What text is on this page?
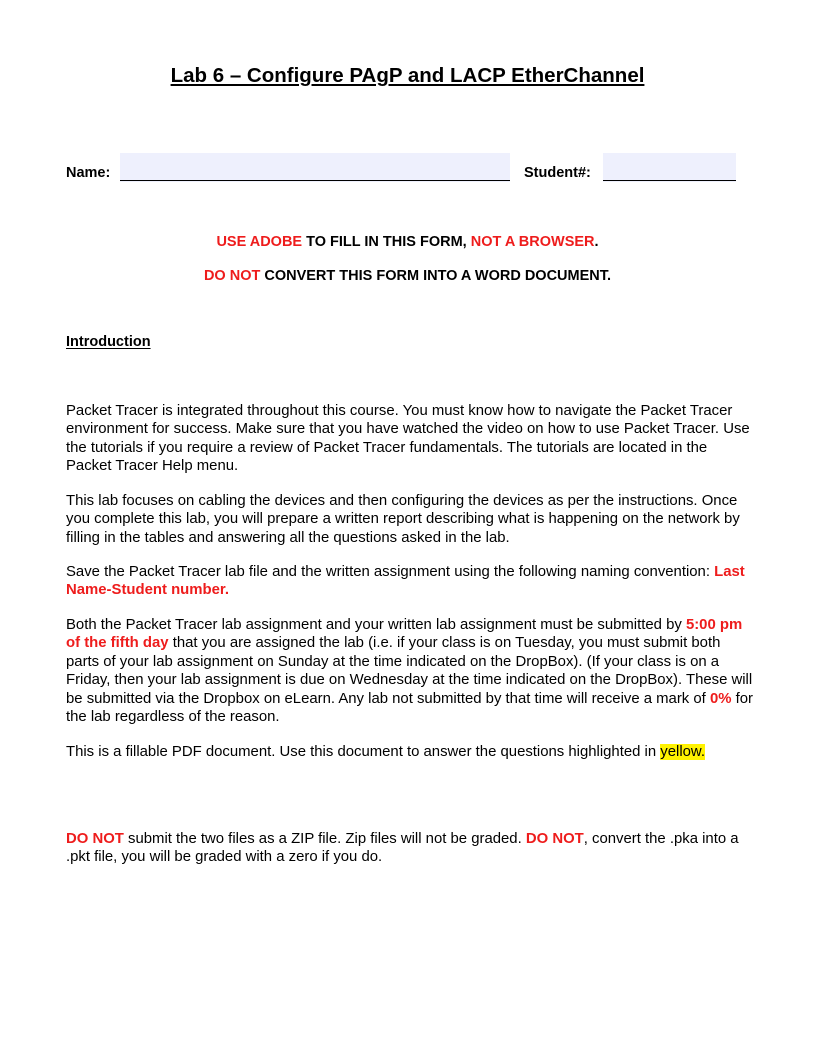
Lab 6 – Configure PAgP and LACP EtherChannel
Name:	Student#:
USE ADOBE TO FILL IN THIS FORM, NOT A BROWSER.
DO NOT CONVERT THIS FORM INTO A WORD DOCUMENT.
Introduction

Packet Tracer is integrated throughout this course. You must know how to navigate the Packet Tracer environment for success. Make sure that you have watched the video on how to use Packet Tracer. Use the tutorials if you require a review of Packet Tracer fundamentals. The tutorials are located in the Packet Tracer Help menu.

This lab focuses on cabling the devices and then configuring the devices as per the instructions. Once you complete this lab, you will prepare a written report describing what is happening on the network by filling in the tables and answering all the questions asked in the lab.

Save the Packet Tracer lab file and the written assignment using the following naming convention: Last Name-Student number.

Both the Packet Tracer lab assignment and your written lab assignment must be submitted by 5:00 pm of the fifth day that you are assigned the lab (i.e. if your class is on Tuesday, you must submit both parts of your lab assignment on Sunday at the time indicated on the DropBox). (If your class is on a Friday, then your lab assignment is due on Wednesday at the time indicated on the DropBox). These will be submitted via the Dropbox on eLearn. Any lab not submitted by that time will receive a mark of 0% for the lab regardless of the reason.

This is a fillable PDF document. Use this document to answer the questions highlighted in yellow.

DO NOT submit the two files as a ZIP file. Zip files will not be graded. DO NOT, convert the .pka into a .pkt file, you will be graded with a zero if you do.
